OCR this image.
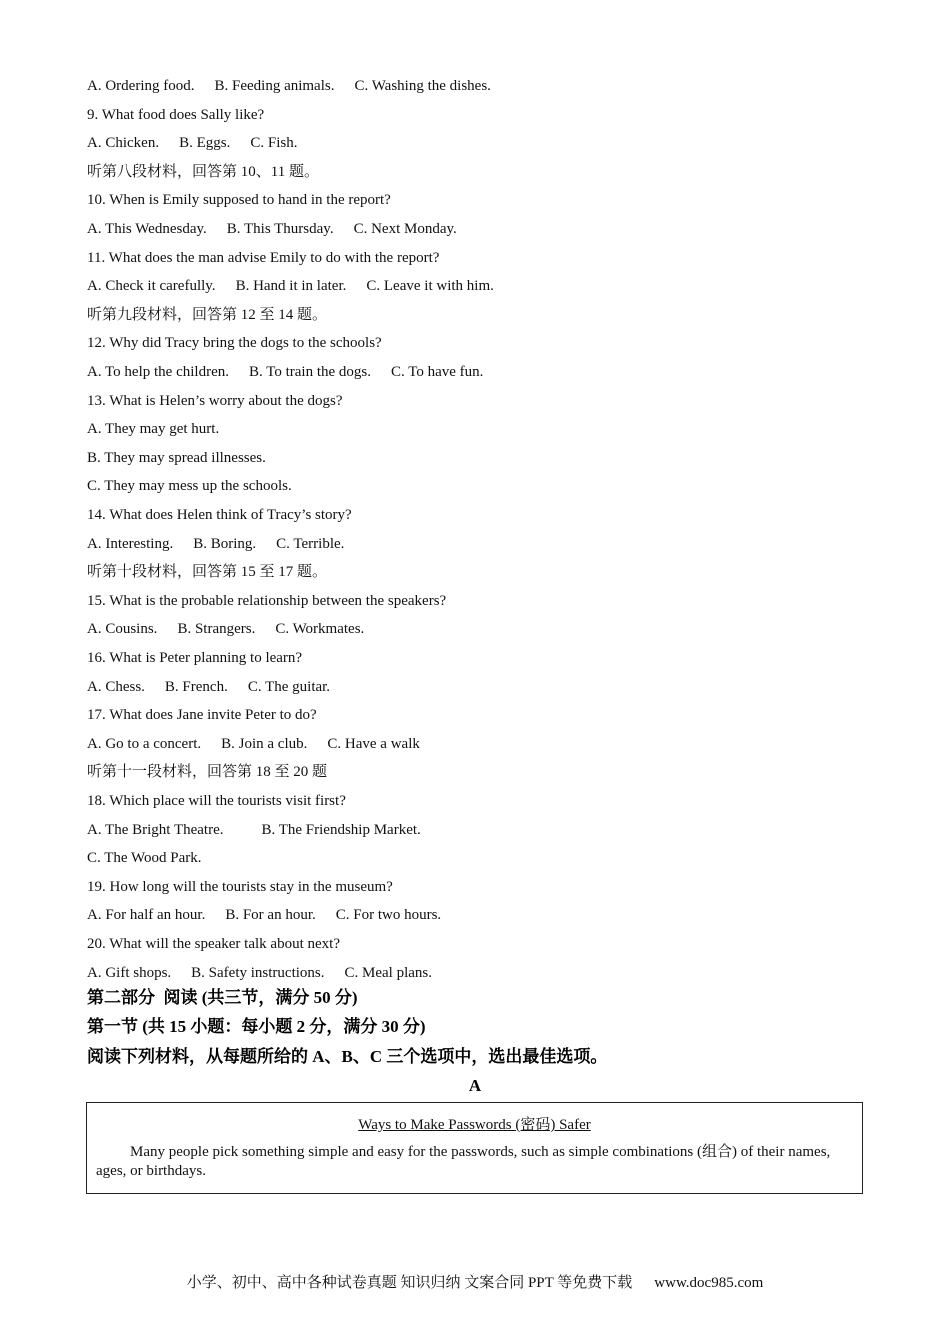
A. Ordering food. B. Feeding animals. C. Washing the dishes.
9. What food does Sally like?
A. Chicken. B. Eggs. C. Fish.
听第八段材料，回答第 10、11 题。
10. When is Emily supposed to hand in the report?
A. This Wednesday. B. This Thursday. C. Next Monday.
11. What does the man advise Emily to do with the report?
A. Check it carefully. B. Hand it in later. C. Leave it with him.
听第九段材料，回答第 12 至 14 题。
12. Why did Tracy bring the dogs to the schools?
A. To help the children. B. To train the dogs. C. To have fun.
13. What is Helen’s worry about the dogs?
A. They may get hurt.
B. They may spread illnesses.
C. They may mess up the schools.
14. What does Helen think of Tracy’s story?
A. Interesting. B. Boring. C. Terrible.
听第十段材料，回答第 15 至 17 题。
15. What is the probable relationship between the speakers?
A. Cousins. B. Strangers. C. Workmates.
16. What is Peter planning to learn?
A. Chess. B. French. C. The guitar.
17. What does Jane invite Peter to do?
A. Go to a concert. B. Join a club. C. Have a walk
听第十一段材料，回答第 18 至 20 题
18. Which place will the tourists visit first?
A. The Bright Theatre.	B. The Friendship Market.
C. The Wood Park.
19. How long will the tourists stay in the museum?
A. For half an hour. B. For an hour. C. For two hours.
20. What will the speaker talk about next?
A. Gift shops. B. Safety instructions. C. Meal plans.
第二部分  阅读 (共三节，满分 50 分)
第一节 (共 15 小题：每小题 2 分，满分 30 分)
阅读下列材料，从每题所给的 A、B、C 三个选项中，选出最佳选项。
A
Ways to Make Passwords (密码) Safer
Many people pick something simple and easy for the passwords, such as simple combinations (组合) of their names, ages, or birthdays.
小学、初中、高中各种试卷真题 知识归纳 文案合同 PPT 等免费下载 www.doc985.com
